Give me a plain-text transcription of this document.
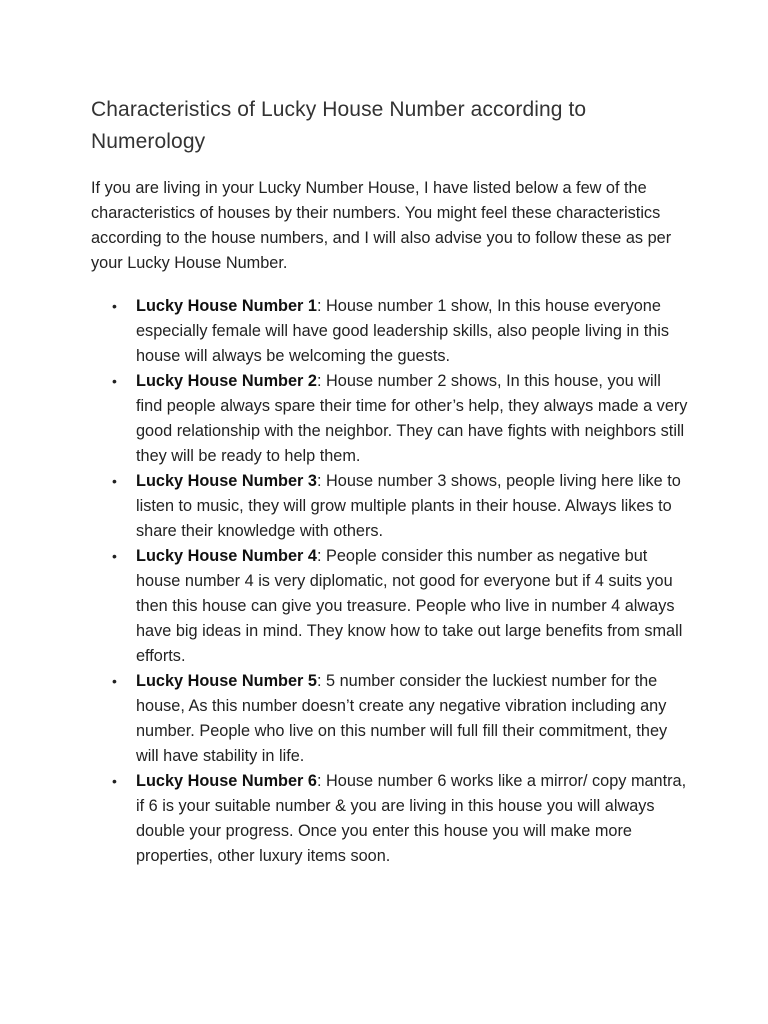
Characteristics of Lucky House Number according to Numerology

If you are living in your Lucky Number House, I have listed below a few of the characteristics of houses by their numbers. You might feel these characteristics according to the house numbers, and I will also advise you to follow these as per your Lucky House Number.

• Lucky House Number 1: House number 1 show, In this house everyone especially female will have good leadership skills, also people living in this house will always be welcoming the guests.
• Lucky House Number 2: House number 2 shows, In this house, you will find people always spare their time for other’s help, they always made a very good relationship with the neighbor. They can have fights with neighbors still they will be ready to help them.
• Lucky House Number 3: House number 3 shows, people living here like to listen to music, they will grow multiple plants in their house. Always likes to share their knowledge with others.
• Lucky House Number 4: People consider this number as negative but house number 4 is very diplomatic, not good for everyone but if 4 suits you then this house can give you treasure. People who live in number 4 always have big ideas in mind. They know how to take out large benefits from small efforts.
• Lucky House Number 5: 5 number consider the luckiest number for the house, As this number doesn’t create any negative vibration including any number. People who live on this number will full fill their commitment, they will have stability in life.
• Lucky House Number 6: House number 6 works like a mirror/ copy mantra, if 6 is your suitable number & you are living in this house you will always double your progress. Once you enter this house you will make more properties, other luxury items soon.
